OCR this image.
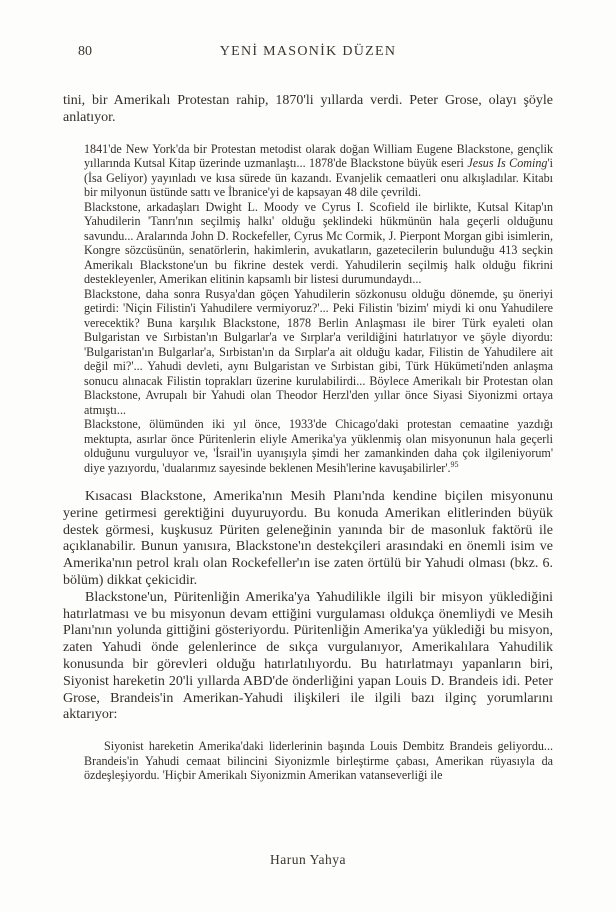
80	YENİ MASONİK DÜZEN

tini, bir Amerikalı Protestan rahip, 1870'li yıllarda verdi. Peter Grose, olayı şöyle anlatıyor.

1841'de New York'da bir Protestan metodist olarak doğan William Eugene Blackstone, gençlik yıllarında Kutsal Kitap üzerinde uzmanlaştı... 1878'de Blackstone büyük eseri Jesus Is Coming'i (İsa Geliyor) yayınladı ve kısa sürede ün kazandı. Evanjelik cemaatleri onu alkışladılar. Kitabı bir milyonun üstünde sattı ve İbranice'yi de kapsayan 48 dile çevrildi.

Blackstone, arkadaşları Dwight L. Moody ve Cyrus I. Scofield ile birlikte, Kutsal Kitap'ın Yahudilerin 'Tanrı'nın seçilmiş halkı' olduğu şeklindeki hükmünün hala geçerli olduğunu savundu... Aralarında John D. Rockefeller, Cyrus Mc Cormik, J. Pierpont Morgan gibi isimlerin, Kongre sözcüsünün, senatörlerin, hakimlerin, avukatların, gazetecilerin bulunduğu 413 seçkin Amerikalı Blackstone'un bu fikrine destek verdi. Yahudilerin seçilmiş halk olduğu fikrini destekleyenler, Amerikan elitinin kapsamlı bir listesi durumundaydı...

Blackstone, daha sonra Rusya'dan göçen Yahudilerin sözkonusu olduğu dönemde, şu öneriyi getirdi: 'Niçin Filistin'i Yahudilere vermiyoruz?'... Peki Filistin 'bizim' miydi ki onu Yahudilere verecektik? Buna karşılık Blackstone, 1878 Berlin Anlaşması ile birer Türk eyaleti olan Bulgaristan ve Sırbistan'ın Bulgarlar'a ve Sırplar'a verildiğini hatırlatıyor ve şöyle diyordu: 'Bulgaristan'ın Bulgarlar'a, Sırbistan'ın da Sırplar'a ait olduğu kadar, Filistin de Yahudilere ait değil mi?'... Yahudi devleti, aynı Bulgaristan ve Sırbistan gibi, Türk Hükümeti'nden anlaşma sonucu alınacak Filistin toprakları üzerine kurulabilirdi... Böylece Amerikalı bir Protestan olan Blackstone, Avrupalı bir Yahudi olan Theodor Herzl'den yıllar önce Siyasi Siyonizmi ortaya atmıştı...

Blackstone, ölümünden iki yıl önce, 1933'de Chicago'daki protestan cemaatine yazdığı mektupta, asırlar önce Püritenlerin eliyle Amerika'ya yüklenmiş olan misyonunun hala geçerli olduğunu vurguluyor ve, 'İsrail'in uyanışıyla şimdi her zamankinden daha çok ilgileniyorum' diye yazıyordu, 'dualarımız sayesinde beklenen Mesih'lerine kavuşabilirler'.$^{95}$

Kısacası Blackstone, Amerika'nın Mesih Planı'nda kendine biçilen misyonunu yerine getirmesi gerektiğini duyuruyordu. Bu konuda Amerikan elitlerinden büyük destek görmesi, kuşkusuz Püriten geleneğinin yanında bir de masonluk faktörü ile açıklanabilir. Bunun yanısıra, Blackstone'ın destekçileri arasındaki en önemli isim ve Amerika'nın petrol kralı olan Rockefeller'ın ise zaten örtülü bir Yahudi olması (bkz. 6. bölüm) dikkat çekicidir.

Blackstone'un, Püritenliğin Amerika'ya Yahudilikle ilgili bir misyon yüklediğini hatırlatması ve bu misyonun devam ettiğini vurgulaması oldukça önemliydi ve Mesih Planı'nın yolunda gittiğini gösteriyordu. Püritenliğin Amerika'ya yüklediği bu misyon, zaten Yahudi önde gelenlerince de sıkça vurgulanıyor, Amerikalılara Yahudilik konusunda bir görevleri olduğu hatırlatılıyordu. Bu hatırlatmayı yapanların biri, Siyonist hareketin 20'li yıllarda ABD'de önderliğini yapan Louis D. Brandeis idi. Peter Grose, Brandeis'in Amerikan-Yahudi ilişkileri ile ilgili bazı ilginç yorumlarını aktarıyor:

Siyonist hareketin Amerika'daki liderlerinin başında Louis Dembitz Brandeis geliyordu... Brandeis'in Yahudi cemaat bilincini Siyonizmle birleştirme çabası, Amerikan rüyasıyla da özdeşleşiyordu. 'Hiçbir Amerikalı Siyonizmin Amerikan vatanseverliği ile

Harun Yahya
